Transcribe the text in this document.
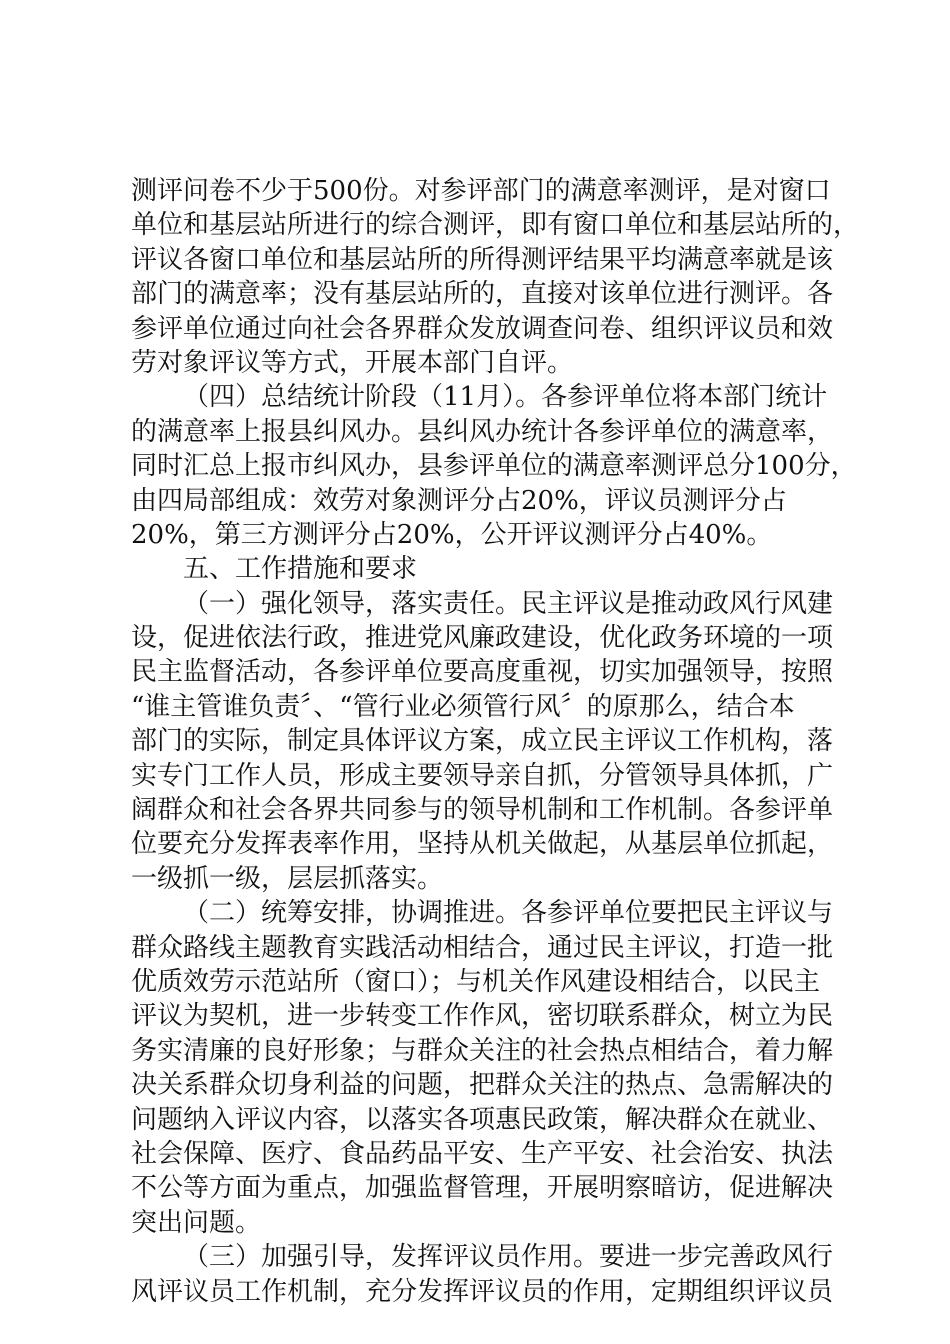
测评问卷不少于500份。对参评部门的满意率测评，是对窗口
单位和基层站所进行的综合测评，即有窗口单位和基层站所的，
评议各窗口单位和基层站所的所得测评结果平均满意率就是该
部门的满意率；没有基层站所的，直接对该单位进行测评。各
参评单位通过向社会各界群众发放调查问卷、组织评议员和效
劳对象评议等方式，开展本部门自评。
（四）总结统计阶段（11月）。各参评单位将本部门统计
的满意率上报县纠风办。县纠风办统计各参评单位的满意率，
同时汇总上报市纠风办，县参评单位的满意率测评总分100分，
由四局部组成：效劳对象测评分占20%，评议员测评分占
20%，第三方测评分占20%，公开评议测评分占40%。
五、工作措施和要求
（一）强化领导，落实责任。民主评议是推动政风行风建
设，促进依法行政，推进党风廉政建设，优化政务环境的一项
民主监督活动，各参评单位要高度重视，切实加强领导，按照
“谁主管谁负责〞、“管行业必须管行风〞的原那么，结合本
部门的实际，制定具体评议方案，成立民主评议工作机构，落
实专门工作人员，形成主要领导亲自抓，分管领导具体抓，广
阔群众和社会各界共同参与的领导机制和工作机制。各参评单
位要充分发挥表率作用，坚持从机关做起，从基层单位抓起，
一级抓一级，层层抓落实。
（二）统筹安排，协调推进。各参评单位要把民主评议与
群众路线主题教育实践活动相结合，通过民主评议，打造一批
优质效劳示范站所（窗口）；与机关作风建设相结合，以民主
评议为契机，进一步转变工作作风，密切联系群众，树立为民
务实清廉的良好形象；与群众关注的社会热点相结合，着力解
决关系群众切身利益的问题，把群众关注的热点、急需解决的
问题纳入评议内容，以落实各项惠民政策，解决群众在就业、
社会保障、医疗、食品药品平安、生产平安、社会治安、执法
不公等方面为重点，加强监督管理，开展明察暗访，促进解决
突出问题。
（三）加强引导，发挥评议员作用。要进一步完善政风行
风评议员工作机制，充分发挥评议员的作用，定期组织评议员
